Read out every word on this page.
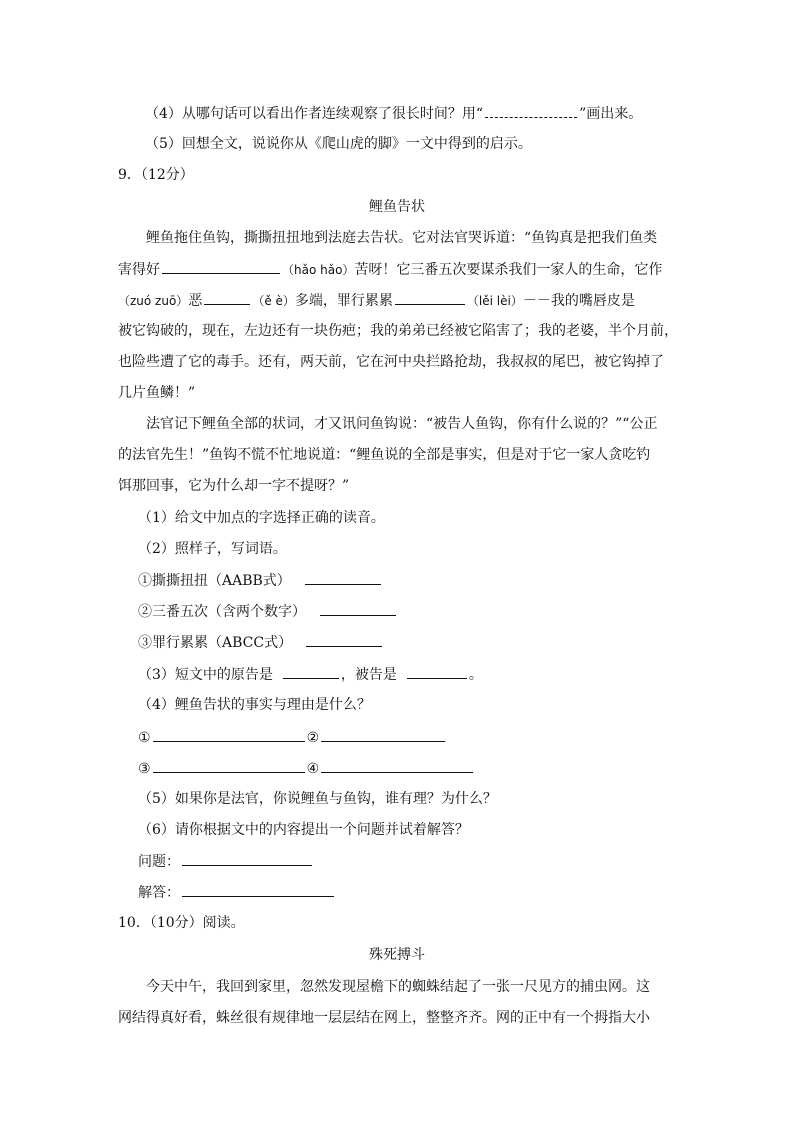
（4）从哪句话可以看出作者连续观察了很长时间？用“	”画出来。
（5）回想全文，说说你从《爬山虎的脚》一文中得到的启示。
9．（12分）
鲤鱼告状
鲤鱼拖住鱼钩，撕撕扭扭地到法庭去告状。它对法官哭诉道：“鱼钩真是把我们鱼类
害得好	（hǎo hǎo）苦呀！它三番五次要谋杀我们一家人的生命，它作
（zuó zuō）恶	（ě è）多端，罪行累累	（lěi lèi）－－我的嘴唇皮是
被它钩破的，现在，左边还有一块伤疤；我的弟弟已经被它陷害了；我的老婆，半个月前，
也险些遭了它的毒手。还有，两天前，它在河中央拦路抢劫，我叔叔的尾巴，被它钩掉了
几片鱼鳞！”
法官记下鲤鱼全部的状词，才又讯问鱼钩说：“被告人鱼钩，你有什么说的？”“公正
的法官先生！”鱼钩不慌不忙地说道：“鲤鱼说的全部是事实，但是对于它一家人贪吃钓
饵那回事，它为什么却一字不提呀？”
（1）给文中加点的字选择正确的读音。
（2）照样子，写词语。
①撕撕扭扭（AABB式）
②三番五次（含两个数字）
③罪行累累（ABCC式）
（3）短文中的原告是	，被告是	。
（4）鲤鱼告状的事实与理由是什么？
①	②
③	④
（5）如果你是法官，你说鲤鱼与鱼钩，谁有理？为什么？
（6）请你根据文中的内容提出一个问题并试着解答？
问题：
解答：
10．（10分）阅读。
殊死搏斗
今天中午，我回到家里，忽然发现屋檐下的蜘蛛结起了一张一尺见方的捕虫网。这
网结得真好看，蛛丝很有规律地一层层结在网上，整整齐齐。网的正中有一个拇指大小
